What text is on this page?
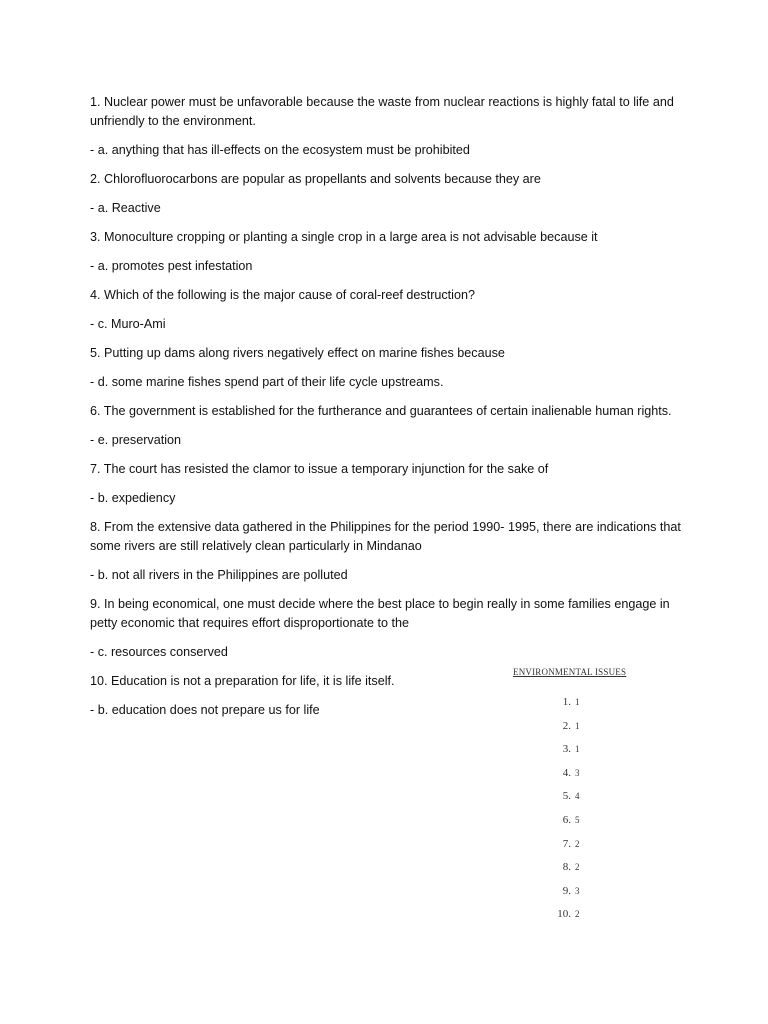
1. Nuclear power must be unfavorable because the waste from nuclear reactions is highly fatal to life and unfriendly to the environment.

- a. anything that has ill-effects on the ecosystem must be prohibited

2. Chlorofluorocarbons are popular as propellants and solvents because they are

- a. Reactive

3. Monoculture cropping or planting a single crop in a large area is not advisable because it

- a. promotes pest infestation

4. Which of the following is the major cause of coral-reef destruction?

- c. Muro-Ami

5. Putting up dams along rivers negatively effect on marine fishes because

- d. some marine fishes spend part of their life cycle upstreams.

6. The government is established for the furtherance and guarantees of certain inalienable human rights.

- e. preservation

7. The court has resisted the clamor to issue a temporary injunction for the sake of

- b. expediency

8. From the extensive data gathered in the Philippines for the period 1990- 1995, there are indications that some rivers are still relatively clean particularly in Mindanao

- b. not all rivers in the Philippines are polluted

9. In being economical, one must decide where the best place to begin really in some families engage in petty economic that requires effort disproportionate to the

- c. resources conserved

10. Education is not a preparation for life, it is life itself.

- b. education does not prepare us for life

ENVIRONMENTAL ISSUES
1. 1
2. 1
3. 1
4. 3
5. 4
6. 5
7. 2
8. 2
9. 3
10. 2
